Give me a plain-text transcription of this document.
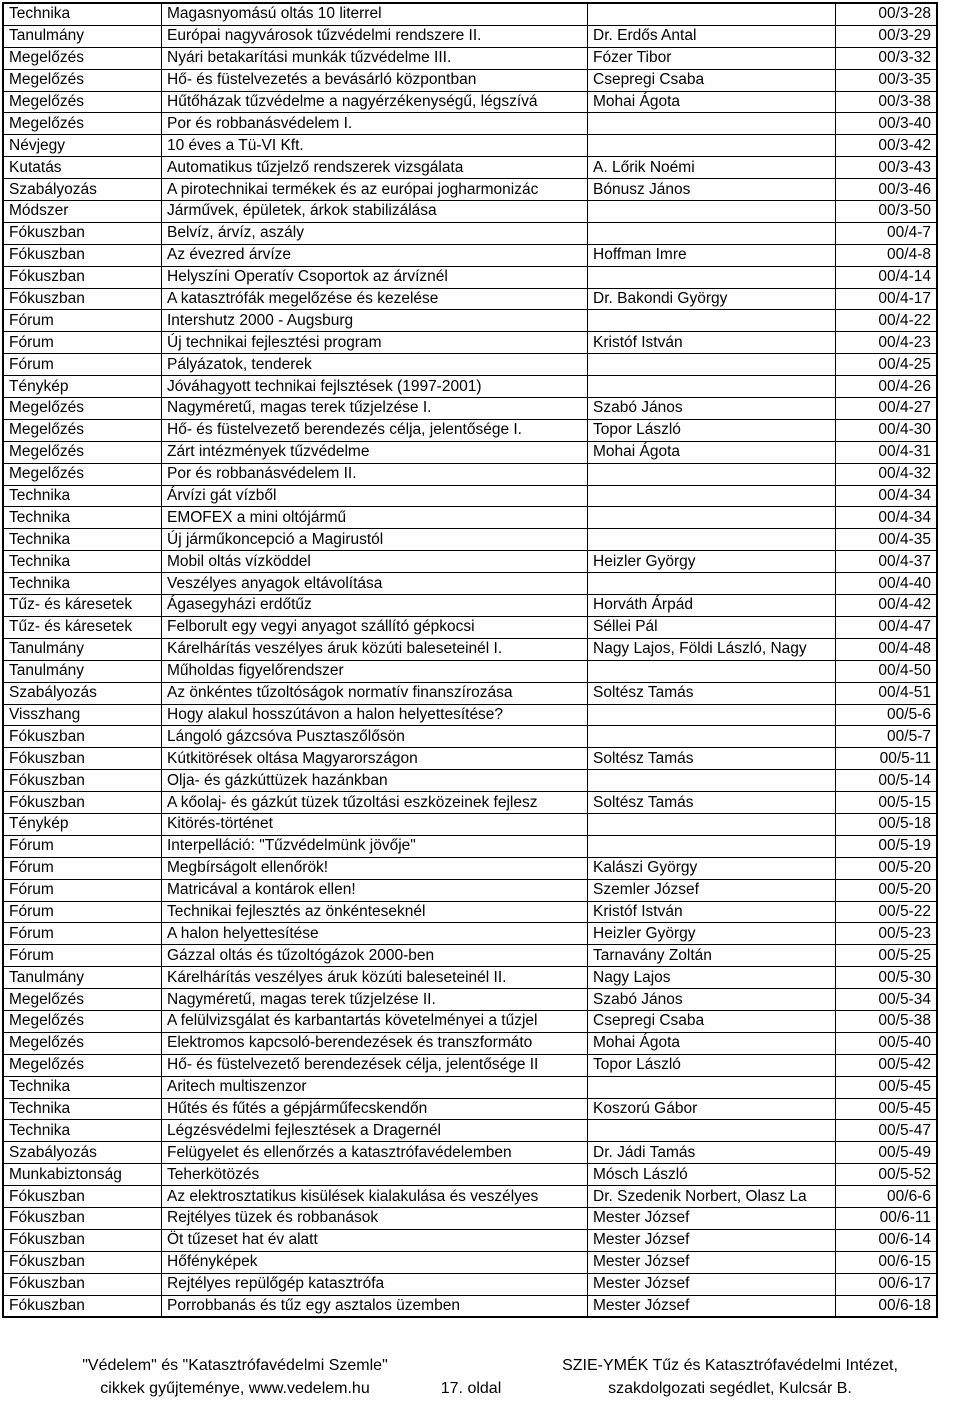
Technika	Magasnyomású oltás 10 literrel		00/3-28
Tanulmány	Európai nagyvárosok tűzvédelmi rendszere II.	Dr. Erdős Antal	00/3-29
Megelőzés	Nyári betakarítási munkák tűzvédelme III.	Fózer Tibor	00/3-32
Megelőzés	Hő- és füstelvezetés a bevásárló központban	Csepregi Csaba	00/3-35
Megelőzés	Hűtőházak tűzvédelme a nagyérzékenységű, légszívá	Mohai Ágota	00/3-38
Megelőzés	Por és robbanásvédelem I.		00/3-40
Névjegy	10 éves a Tü-VI Kft.		00/3-42
Kutatás	Automatikus tűzjelző rendszerek vizsgálata	A. Lőrik Noémi	00/3-43
Szabályozás	A pirotechnikai termékek és az európai jogharmonizác	Bónusz János	00/3-46
Módszer	Járművek, épületek, árkok stabilizálása		00/3-50
Fókuszban	Belvíz, árvíz, aszály		00/4-7
Fókuszban	Az évezred árvíze	Hoffman Imre	00/4-8
Fókuszban	Helyszíni Operatív Csoportok az árvíznél		00/4-14
Fókuszban	A katasztrófák megelőzése és kezelése	Dr. Bakondi György	00/4-17
Fórum	Intershutz 2000 - Augsburg		00/4-22
Fórum	Új technikai fejlesztési program	Kristóf István	00/4-23
Fórum	Pályázatok, tenderek		00/4-25
Ténykép	Jóváhagyott technikai fejlsztések (1997-2001)		00/4-26
Megelőzés	Nagyméretű, magas terek tűzjelzése I.	Szabó János	00/4-27
Megelőzés	Hő- és füstelvezető berendezés célja, jelentősége I.	Topor László	00/4-30
Megelőzés	Zárt intézmények tűzvédelme	Mohai Ágota	00/4-31
Megelőzés	Por és robbanásvédelem II.		00/4-32
Technika	Árvízi gát vízből		00/4-34
Technika	EMOFEX a mini oltójármű		00/4-34
Technika	Új járműkoncepció a Magirustól		00/4-35
Technika	Mobil oltás vízköddel	Heizler György	00/4-37
Technika	Veszélyes anyagok eltávolítása		00/4-40
Tűz- és káresetek	Ágasegyházi erdőtűz	Horváth Árpád	00/4-42
Tűz- és káresetek	Felborult egy vegyi anyagot szállító gépkocsi	Séllei Pál	00/4-47
Tanulmány	Kárelhárítás veszélyes áruk közúti baleseteinél I.	Nagy Lajos, Földi László, Nagy	00/4-48
Tanulmány	Műholdas figyelőrendszer		00/4-50
Szabályozás	Az önkéntes tűzoltóságok normatív finanszírozása	Soltész Tamás	00/4-51
Visszhang	Hogy alakul hosszútávon a halon helyettesítése?		00/5-6
Fókuszban	Lángoló gázcsóva Pusztaszőlősön		00/5-7
Fókuszban	Kútkitörések oltása Magyarországon	Soltész Tamás	00/5-11
Fókuszban	Olja- és gázkúttüzek hazánkban		00/5-14
Fókuszban	A kőolaj- és gázkút tüzek tűzoltási eszközeinek fejlesz	Soltész Tamás	00/5-15
Ténykép	Kitörés-történet		00/5-18
Fórum	Interpelláció: "Tűzvédelmünk jövője"		00/5-19
Fórum	Megbírságolt ellenőrök!	Kalászi György	00/5-20
Fórum	Matricával a kontárok ellen!	Szemler József	00/5-20
Fórum	Technikai fejlesztés az önkénteseknél	Kristóf István	00/5-22
Fórum	A halon helyettesítése	Heizler György	00/5-23
Fórum	Gázzal oltás és tűzoltógázok 2000-ben	Tarnavány Zoltán	00/5-25
Tanulmány	Kárelhárítás veszélyes áruk közúti baleseteinél II.	Nagy Lajos	00/5-30
Megelőzés	Nagyméretű, magas terek tűzjelzése II.	Szabó János	00/5-34
Megelőzés	A felülvizsgálat és karbantartás követelményei a tűzjel	Csepregi Csaba	00/5-38
Megelőzés	Elektromos kapcsoló-berendezések és transzformáto	Mohai Ágota	00/5-40
Megelőzés	Hő- és füstelvezető berendezések célja, jelentősége II	Topor László	00/5-42
Technika	Aritech multiszenzor		00/5-45
Technika	Hűtés és fűtés a gépjárműfecskendőn	Koszorú Gábor	00/5-45
Technika	Légzésvédelmi fejlesztések a Dragernél		00/5-47
Szabályozás	Felügyelet és ellenőrzés a katasztrófavédelemben	Dr. Jádi Tamás	00/5-49
Munkabiztonság	Teherkötözés	Mósch László	00/5-52
Fókuszban	Az elektrosztatikus kisülések kialakulása és veszélyes	Dr. Szedenik Norbert, Olasz La	00/6-6
Fókuszban	Rejtélyes tüzek és robbanások	Mester József	00/6-11
Fókuszban	Öt tűzeset hat év alatt	Mester József	00/6-14
Fókuszban	Hőfényképek	Mester József	00/6-15
Fókuszban	Rejtélyes repülőgép katasztrófa	Mester József	00/6-17
Fókuszban	Porrobbanás és tűz egy asztalos üzemben	Mester József	00/6-18
"Védelem" és "Katasztrófavédelmi Szemle"
cikkek gyűjteménye, www.vedelem.hu	17. oldal
SZIE-YMÉK Tűz és Katasztrófavédelmi Intézet,
szakdolgozati segédlet, Kulcsár B.
